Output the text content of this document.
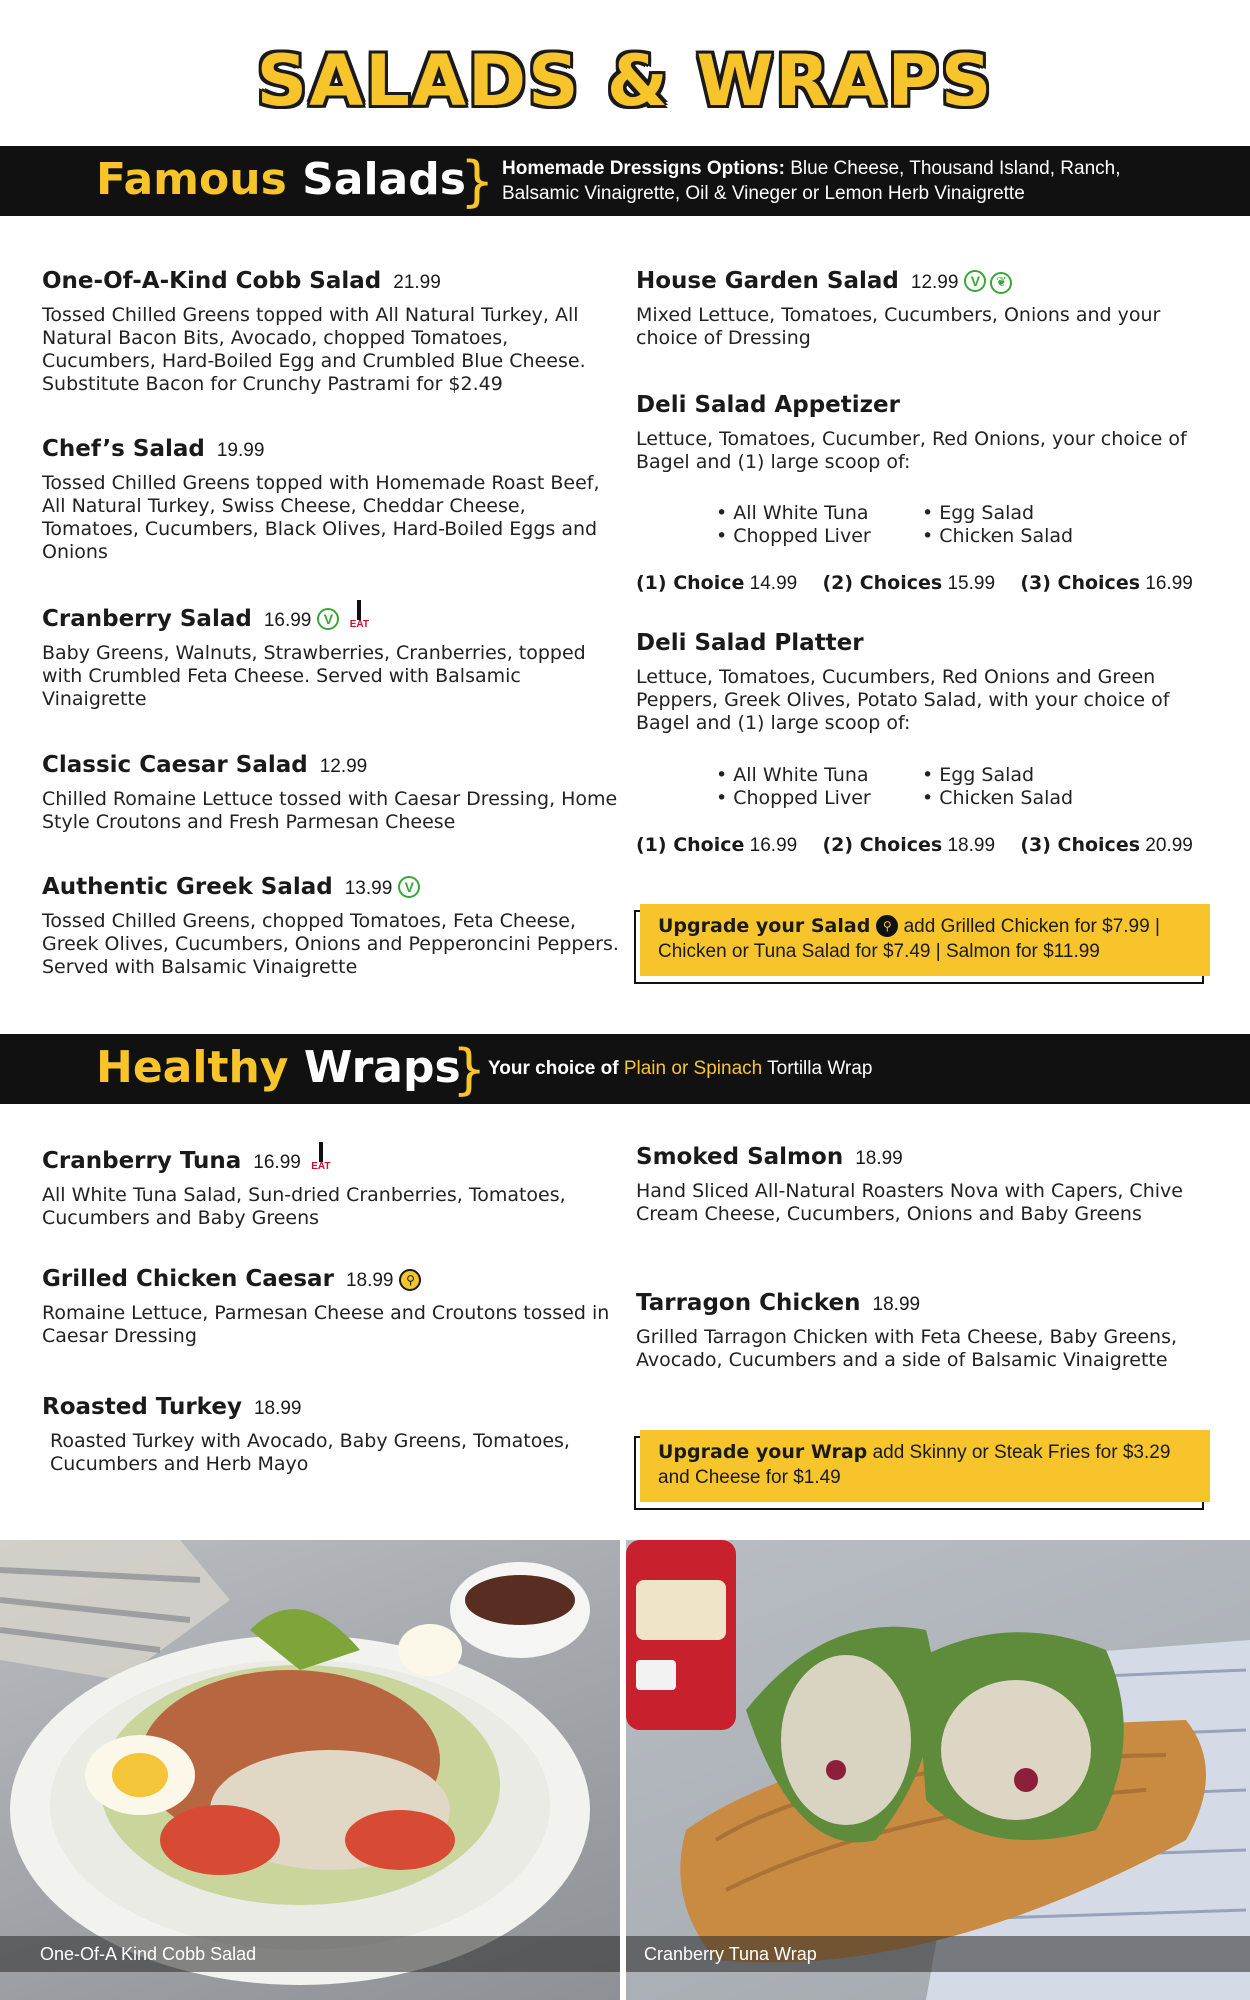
SALADS & WRAPS
Famous Salads
} Homemade Dressigns Options: Blue Cheese, Thousand Island, Ranch,
Balsamic Vinaigrette, Oil & Vineger or Lemon Herb Vinaigrette
One-Of-A-Kind Cobb Salad 21.99
Tossed Chilled Greens topped with All Natural Turkey, All Natural Bacon Bits, Avocado, chopped Tomatoes, Cucumbers, Hard-Boiled Egg and Crumbled Blue Cheese. Substitute Bacon for Crunchy Pastrami for $2.49
Chef’s Salad 19.99
Tossed Chilled Greens topped with Homemade Roast Beef, All Natural Turkey, Swiss Cheese, Cheddar Cheese, Tomatoes, Cucumbers, Black Olives, Hard-Boiled Eggs and Onions
Cranberry Salad 16.99 V	EAT
Baby Greens, Walnuts, Strawberries, Cranberries, topped with Crumbled Feta Cheese. Served with Balsamic Vinaigrette
Classic Caesar Salad 12.99
Chilled Romaine Lettuce tossed with Caesar Dressing, Home Style Croutons and Fresh Parmesan Cheese
Authentic Greek Salad 13.99 V
Tossed Chilled Greens, chopped Tomatoes, Feta Cheese, Greek Olives, Cucumbers, Onions and Pepperoncini Peppers. Served with Balsamic Vinaigrette
House Garden Salad 12.99 V ❦
Mixed Lettuce, Tomatoes, Cucumbers, Onions and your choice of Dressing
Deli Salad Appetizer
Lettuce, Tomatoes, Cucumber, Red Onions, your choice of Bagel and (1) large scoop of:
• All White Tuna
• Chopped Liver
• Egg Salad
• Chicken Salad
(1) Choice 14.99 (2) Choices 15.99 (3) Choices 16.99
Deli Salad Platter
Lettuce, Tomatoes, Cucumbers, Red Onions and Green Peppers, Greek Olives, Potato Salad, with your choice of Bagel and (1) large scoop of:
• All White Tuna
• Chopped Liver
• Egg Salad
• Chicken Salad
(1) Choice 16.99 (2) Choices 18.99 (3) Choices 20.99
Upgrade your Salad ⚲ add Grilled Chicken for $7.99 |
Chicken or Tuna Salad for $7.49 | Salmon for $11.99
Healthy Wraps
} Your choice of Plain or Spinach Tortilla Wrap
Cranberry Tuna 16.99	EAT
All White Tuna Salad, Sun-dried Cranberries, Tomatoes, Cucumbers and Baby Greens
Grilled Chicken Caesar 18.99 ⚲
Romaine Lettuce, Parmesan Cheese and Croutons tossed in Caesar Dressing
Roasted Turkey 18.99
Roasted Turkey with Avocado, Baby Greens, Tomatoes, Cucumbers and Herb Mayo
Smoked Salmon 18.99
Hand Sliced All-Natural Roasters Nova with Capers, Chive Cream Cheese, Cucumbers, Onions and Baby Greens
Tarragon Chicken 18.99
Grilled Tarragon Chicken with Feta Cheese, Baby Greens, Avocado, Cucumbers and a side of Balsamic Vinaigrette
Upgrade your Wrap add Skinny or Steak Fries for $3.29
and Cheese for $1.49
One-Of-A Kind Cobb Salad	Cranberry Tuna Wrap
